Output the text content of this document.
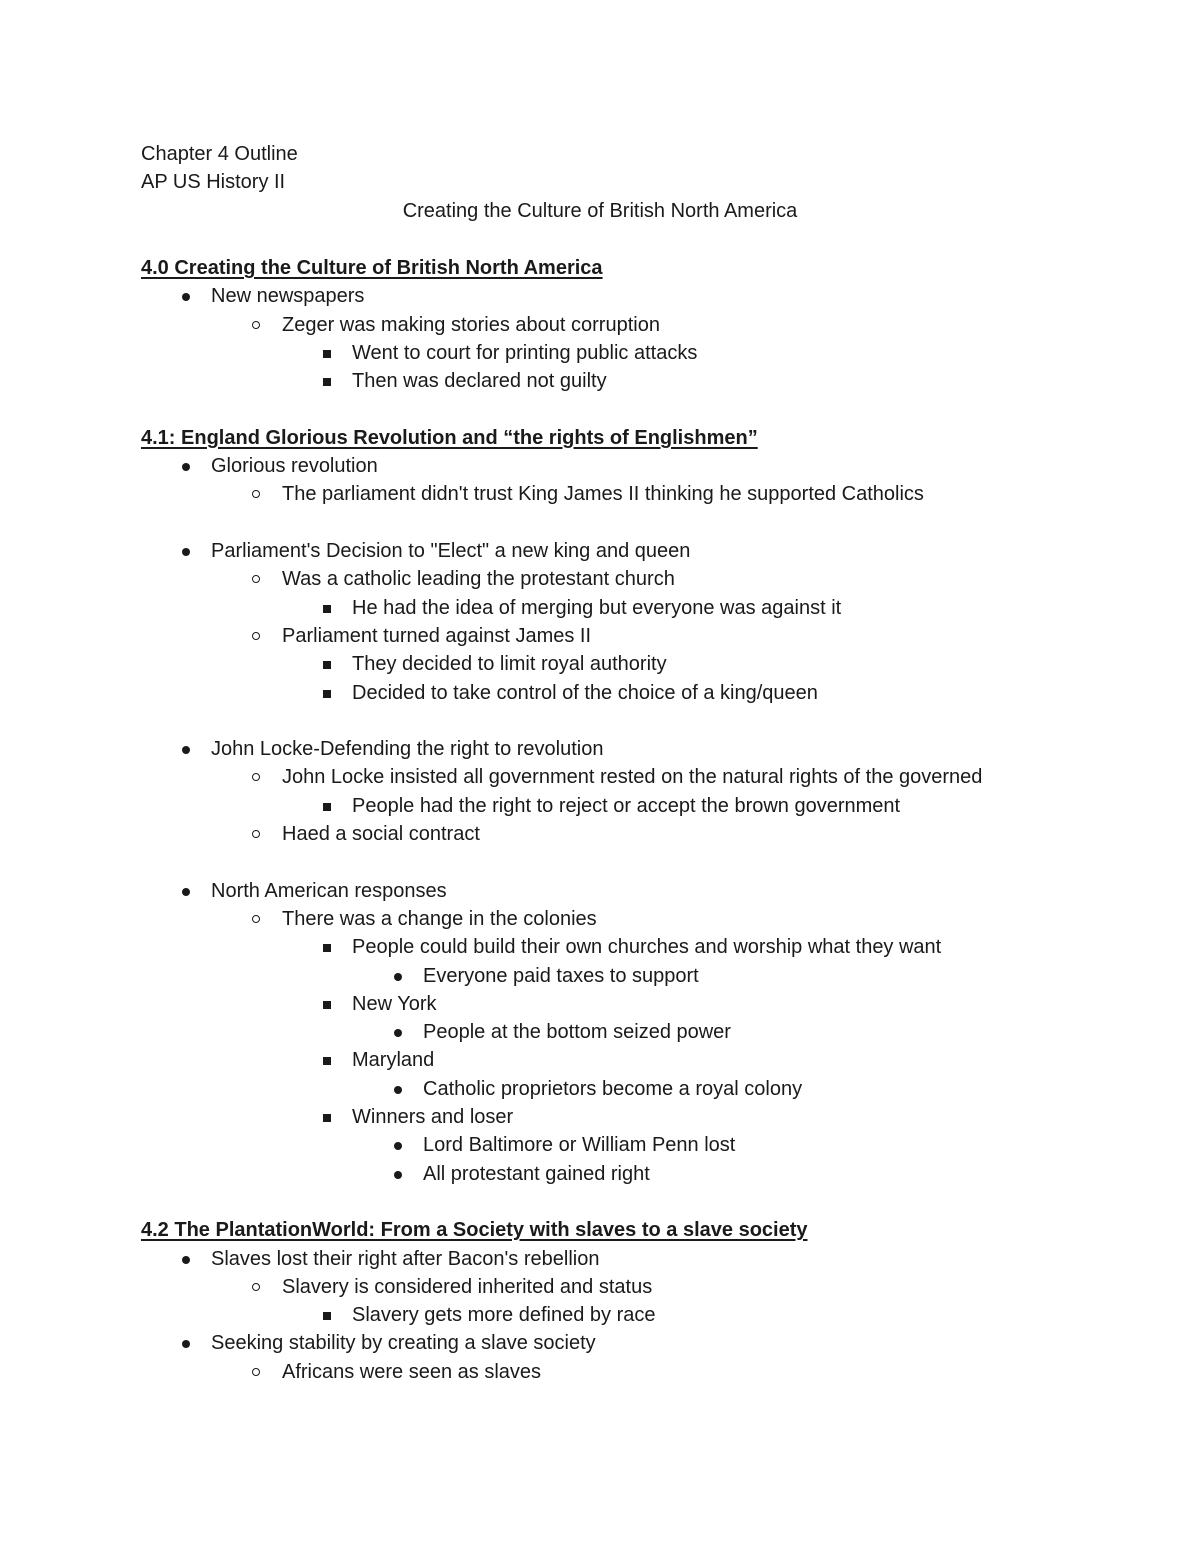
Chapter 4 Outline
AP US History II
Creating the Culture of British North America
4.0 Creating the Culture of British North America
New newspapers
Zeger was making stories about corruption
Went to court for printing public attacks
Then was declared not guilty
4.1: England Glorious Revolution and “the rights of Englishmen”
Glorious revolution
The parliament didn't trust King James II thinking he supported Catholics
Parliament's Decision to "Elect" a new king and queen
Was a catholic leading the protestant church
He had the idea of merging but everyone was against it
Parliament turned against James II
They decided to limit royal authority
Decided to take control of the choice of a king/queen
John Locke-Defending the right to revolution
John Locke insisted all government rested on the natural rights of the governed
People had the right to reject or accept the brown government
Haed a social contract
North American responses
There was a change in the colonies
People could build their own churches and worship what they want
Everyone paid taxes to support
New York
People at the bottom seized power
Maryland
Catholic proprietors become a royal colony
Winners and loser
Lord Baltimore or William Penn lost
All protestant gained right
4.2 The PlantationWorld: From a Society with slaves to a slave society
Slaves lost their right after Bacon's rebellion
Slavery is considered inherited and status
Slavery gets more defined by race
Seeking stability by creating a slave society
Africans were seen as slaves
